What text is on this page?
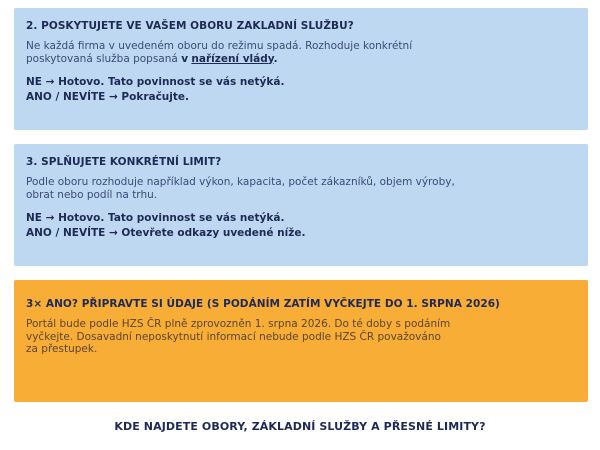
2. POSKYTUJETE VE VAŠEM OBORU ZAKLADNÍ SLUŽBU?
Ne každá firma v uvedeném oboru do režimu spadá. Rozhoduje konkrétní
poskytovaná služba popsaná v nařízení vlády.
NE → Hotovo. Tato povinnost se vás netýká.
ANO / NEVÍTE → Pokračujte.
3. SPLŇUJETE KONKRÉTNÍ LIMIT?
Podle oboru rozhoduje například výkon, kapacita, počet zákazníků, objem výroby,
obrat nebo podíl na trhu.
NE → Hotovo. Tato povinnost se vás netýká.
ANO / NEVÍTE → Otevřete odkazy uvedené níže.
3× ANO? PŘIPRAVTE SI ÚDAJE (S PODÁNÍM ZATÍM VYČKEJTE DO 1. SRPNA 2026)
Portál bude podle HZS ČR plně zprovozněn 1. srpna 2026. Do té doby s podáním
vyčkejte. Dosavadní neposkytnutí informací nebude podle HZS ČR považováno
za přestupek.
KDE NAJDETE OBORY, ZÁKLADNÍ SLUŽBY A PŘESNÉ LIMITY?
